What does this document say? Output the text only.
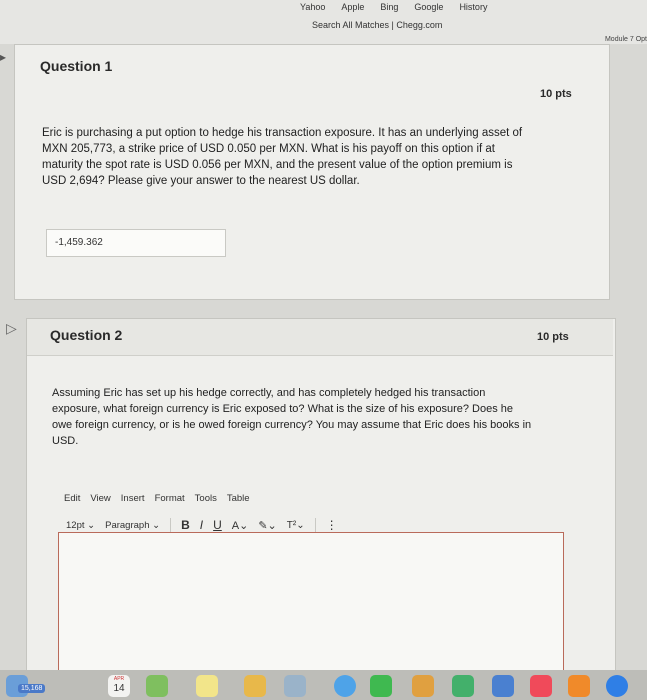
Yahoo Apple Bing Google History
Search All Matches | Chegg.com
Module 7 Opt
▸
▷
Question 1
10 pts
Eric is purchasing a put option to hedge his transaction exposure. It has an underlying asset of
MXN 205,773, a strike price of USD 0.050 per MXN. What is his payoff on this option if at
maturity the spot rate is USD 0.056 per MXN, and the present value of the option premium is
USD 2,694? Please give your answer to the nearest US dollar.
-1,459.362
Question 2	10 pts
Assuming Eric has set up his hedge correctly, and has completely hedged his transaction
exposure, what foreign currency is Eric exposed to? What is the size of his exposure? Does he
owe foreign currency, or is he owed foreign currency? You may assume that Eric does his books in
USD.
Edit View Insert Format Tools Table
12pt ⌄ Paragraph ⌄ B I U A⌄ ✎⌄ T²⌄ ⋮
15,168
APR
14
